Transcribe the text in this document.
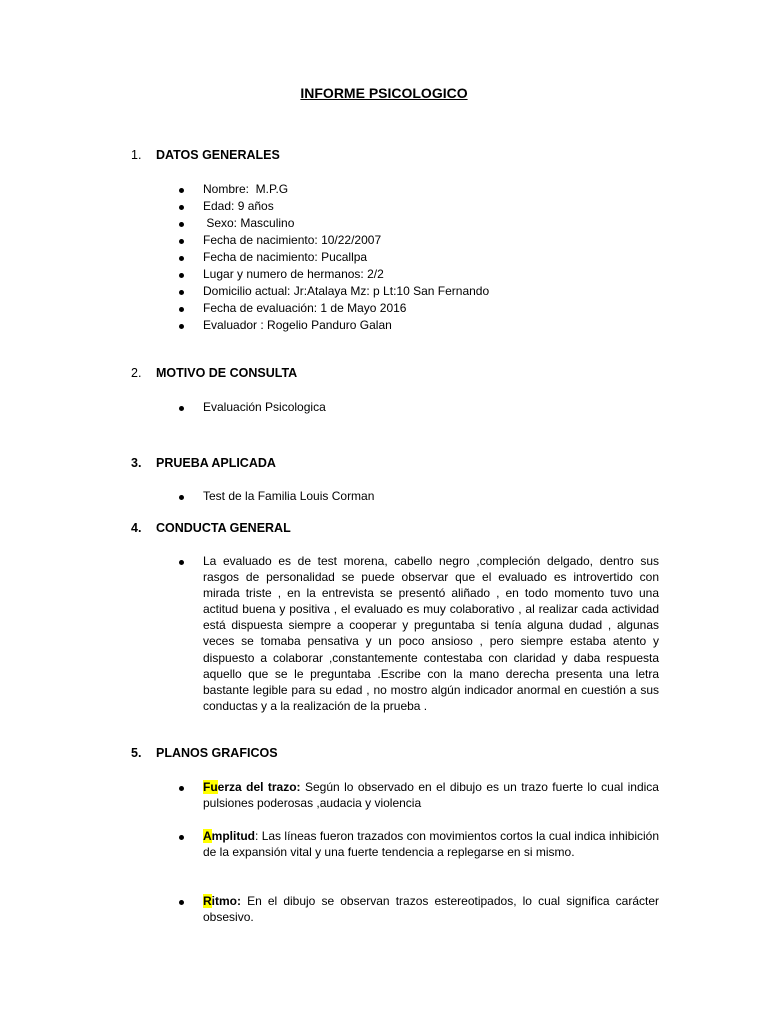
INFORME PSICOLOGICO
1. DATOS GENERALES
Nombre:  M.P.G
Edad: 9 años
Sexo: Masculino
Fecha de nacimiento: 10/22/2007
Fecha de nacimiento: Pucallpa
Lugar y numero de hermanos: 2/2
Domicilio actual: Jr:Atalaya Mz: p Lt:10 San Fernando
Fecha de evaluación: 1 de Mayo 2016
Evaluador : Rogelio Panduro Galan
2. MOTIVO DE CONSULTA
Evaluación Psicologica
3. PRUEBA APLICADA
Test de la Familia Louis Corman
4. CONDUCTA GENERAL
La evaluado es de test morena, cabello negro ,compleción delgado, dentro sus rasgos de personalidad se puede observar que el evaluado es introvertido con mirada triste , en la entrevista se presentó aliñado , en todo momento tuvo una actitud buena y positiva , el evaluado es muy colaborativo , al realizar cada actividad está dispuesta siempre a cooperar y preguntaba si tenía alguna dudad , algunas veces se tomaba pensativa y un poco ansioso , pero siempre estaba atento y dispuesto a colaborar ,constantemente contestaba con claridad y daba respuesta aquello que se le preguntaba .Escribe con la mano derecha presenta una letra bastante legible para su edad , no mostro algún indicador anormal en cuestión a sus conductas y a la realización de la prueba .
5. PLANOS GRAFICOS
Fuerza del trazo: Según lo observado en el dibujo es un trazo fuerte lo cual indica pulsiones poderosas ,audacia y violencia
Amplitud: Las líneas fueron trazados con movimientos cortos la cual indica inhibición de la expansión vital y una fuerte tendencia a replegarse en si mismo.
Ritmo: En el dibujo se observan trazos estereotipados, lo cual significa carácter obsesivo.
